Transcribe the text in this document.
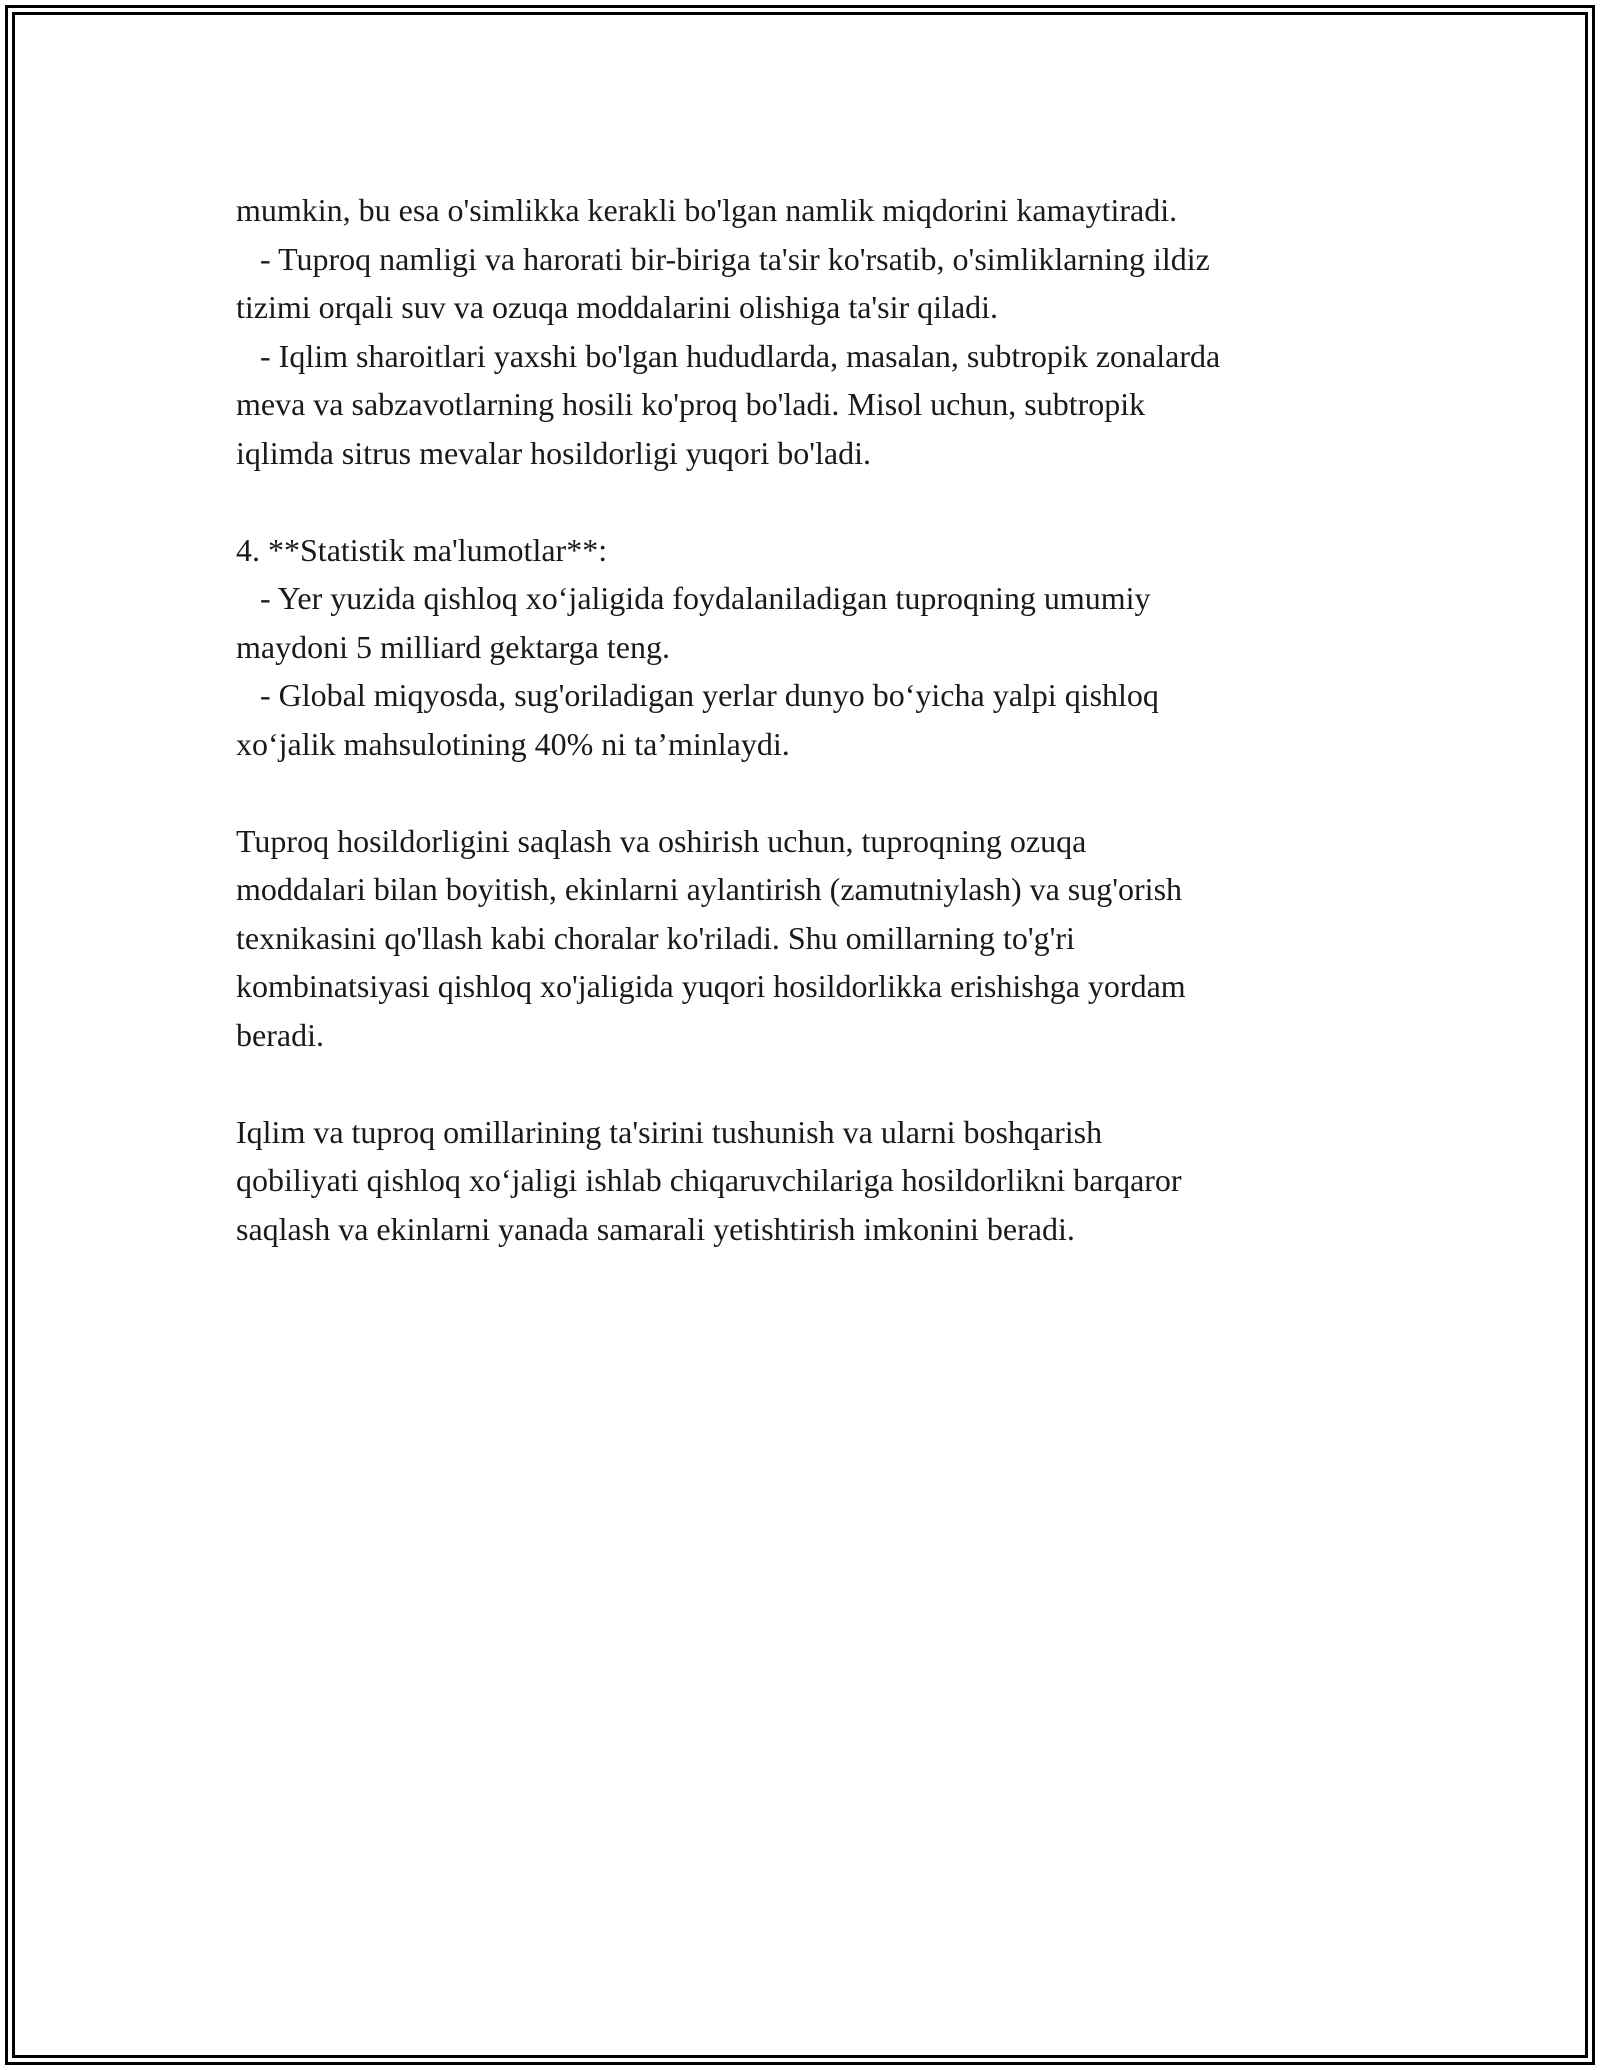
mumkin, bu esa o'simlikka kerakli bo'lgan namlik miqdorini kamaytiradi.
- Tuproq namligi va harorati bir-biriga ta'sir ko'rsatib, o'simliklarning ildiz
tizimi orqali suv va ozuqa moddalarini olishiga ta'sir qiladi.
- Iqlim sharoitlari yaxshi bo'lgan hududlarda, masalan, subtropik zonalarda
meva va sabzavotlarning hosili ko'proq bo'ladi. Misol uchun, subtropik
iqlimda sitrus mevalar hosildorligi yuqori bo'ladi.
4. **Statistik ma'lumotlar**:
- Yer yuzida qishloq xo‘jaligida foydalaniladigan tuproqning umumiy
maydoni 5 milliard gektarga teng.
- Global miqyosda, sug'oriladigan yerlar dunyo bo‘yicha yalpi qishloq
xo‘jalik mahsulotining 40% ni ta’minlaydi.
Tuproq hosildorligini saqlash va oshirish uchun, tuproqning ozuqa
moddalari bilan boyitish, ekinlarni aylantirish (zamutniylash) va sug'orish
texnikasini qo'llash kabi choralar ko'riladi. Shu omillarning to'g'ri
kombinatsiyasi qishloq xo'jaligida yuqori hosildorlikka erishishga yordam
beradi.
Iqlim va tuproq omillarining ta'sirini tushunish va ularni boshqarish
qobiliyati qishloq xo‘jaligi ishlab chiqaruvchilariga hosildorlikni barqaror
saqlash va ekinlarni yanada samarali yetishtirish imkonini beradi.
